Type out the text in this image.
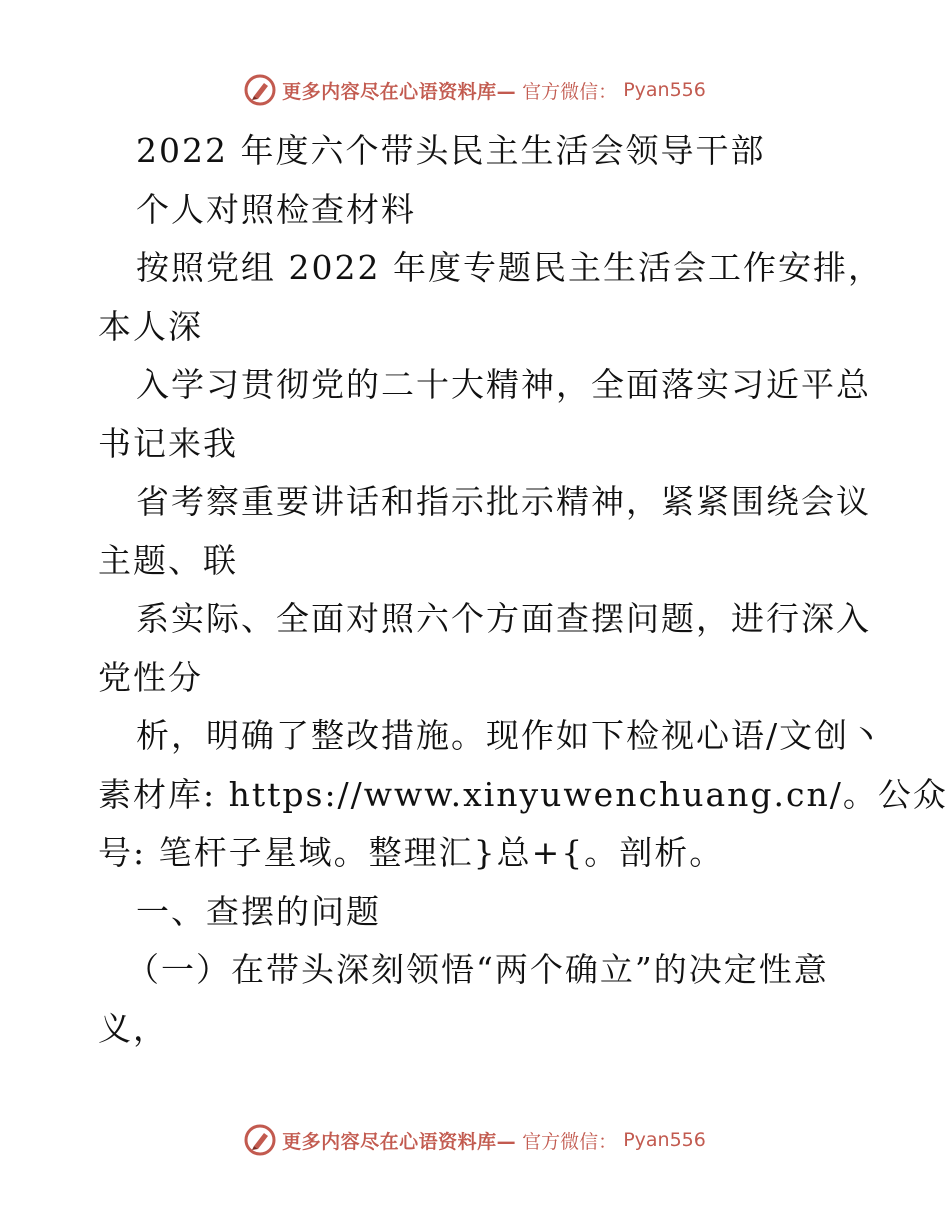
更多内容尽在心语资料库— 官方微信： Pyan556
2022 年度六个带头民主生活会领导干部
个人对照检查材料
按照党组 2022 年度专题民主生活会工作安排，
本人深
入学习贯彻党的二十大精神，全面落实习近平总
书记来我
省考察重要讲话和指示批示精神，紧紧围绕会议
主题、联
系实际、全面对照六个方面查摆问题，进行深入
党性分
析，明确了整改措施。现作如下检视心语/文创丶
素材库: https://www.xinyuwenchuang.cn/。公众
号: 笔杆子星域。整理汇}总+{。剖析。
一、查摆的问题
（一）在带头深刻领悟“两个确立”的决定性意
义，
更多内容尽在心语资料库— 官方微信： Pyan556
